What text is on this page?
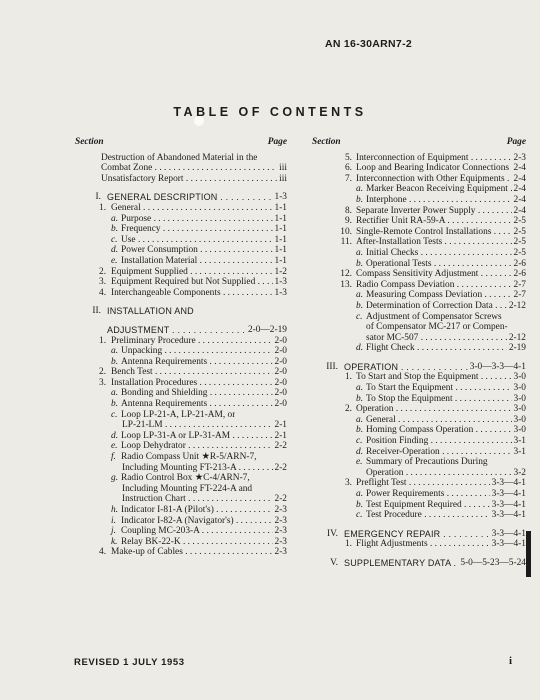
AN 16-30ARN7-2
TABLE OF CONTENTS
Section	Page
Destruction of Abandoned Material in the
Combat Zone . . .	iii
Unsatisfactory Report . . .	iii
I. GENERAL DESCRIPTION . . .	1-3
1. General . . .	1-1
a. Purpose . . .	1-1
b. Frequency . . .	1-1
c. Use . . .	1-1
d. Power Consumption . . .	1-1
e. Installation Material . . .	1-1
2. Equipment Supplied . . .	1-2
3. Equipment Required but Not Supplied . . .	1-3
4. Interchangeable Components . . .	1-3
II. INSTALLATION AND
ADJUSTMENT . . .	2-0—2-19
1. Preliminary Procedure . . .	2-0
a. Unpacking . . .	2-0
b. Antenna Requirements . . .	2-0
2. Bench Test . . .	2-0
3. Installation Procedures . . .	2-0
a. Bonding and Shielding . . .	2-0
b. Antenna Requirements . . .	2-0
c. Loop LP-21-A, LP-21-AM, or
LP-21-LM . . .	2-1
d. Loop LP-31-A or LP-31-AM . . .	2-1
e. Loop Dehydrator . . .	2-2
f. Radio Compass Unit ★R-5/ARN-7,
Including Mounting FT-213-A . . .	2-2
g. Radio Control Box ★C-4/ARN-7,
Including Mounting FT-224-A and
Instruction Chart . . .	2-2
h. Indicator I-81-A (Pilot's) . . .	2-3
i. Indicator I-82-A (Navigator's) . . .	2-3
j. Coupling MC-203-A . . .	2-3
k. Relay BK-22-K . . .	2-3
4. Make-up of Cables . . .	2-3
Section	Page
5. Interconnection of Equipment . . .	2-3
6. Loop and Bearing Indicator Connections . . . 2-4
7. Interconnection with Other Equipments . . . 2-4
a. Marker Beacon Receiving Equipment . . . 2-4
b. Interphone . . .	2-4
8. Separate Inverter Power Supply . . .	2-4
9. Rectifier Unit RA-59-A . . .	2-5
10. Single-Remote Control Installations . . .	2-5
11. After-Installation Tests . . .	2-5
a. Initial Checks . . .	2-5
b. Operational Tests . . .	2-6
12. Compass Sensitivity Adjustment . . .	2-6
13. Radio Compass Deviation . . .	2-7
a. Measuring Compass Deviation . . .	2-7
b. Determination of Correction Data . . .	2-12
c. Adjustment of Compensator Screws
of Compensator MC-217 or Compen-
sator MC-507 . . .	2-12
d. Flight Check . . .	2-19
III. OPERATION . . .	3-0—3-3—4-1
1. To Start and Stop the Equipment . . .	3-0
a. To Start the Equipment . . .	3-0
b. To Stop the Equipment . . .	3-0
2. Operation . . .	3-0
a. General . . .	3-0
b. Homing Compass Operation . . .	3-0
c. Position Finding . . .	3-1
d. Receiver-Operation . . .	3-1
e. Summary of Precautions During
Operation . . .	3-2
3. Preflight Test . . .	3-3—4-1
a. Power Requirements . . .	3-3—4-1
b. Test Equipment Required . . .	3-3—4-1
c. Test Procedure . . .	3-3—4-1
IV. EMERGENCY REPAIR . . .	3-3—4-1
1. Flight Adjustments . . .	3-3—4-1
V. SUPPLEMENTARY DATA . . .	5-0—5-23—5-24
REVISED 1 JULY 1953	i
